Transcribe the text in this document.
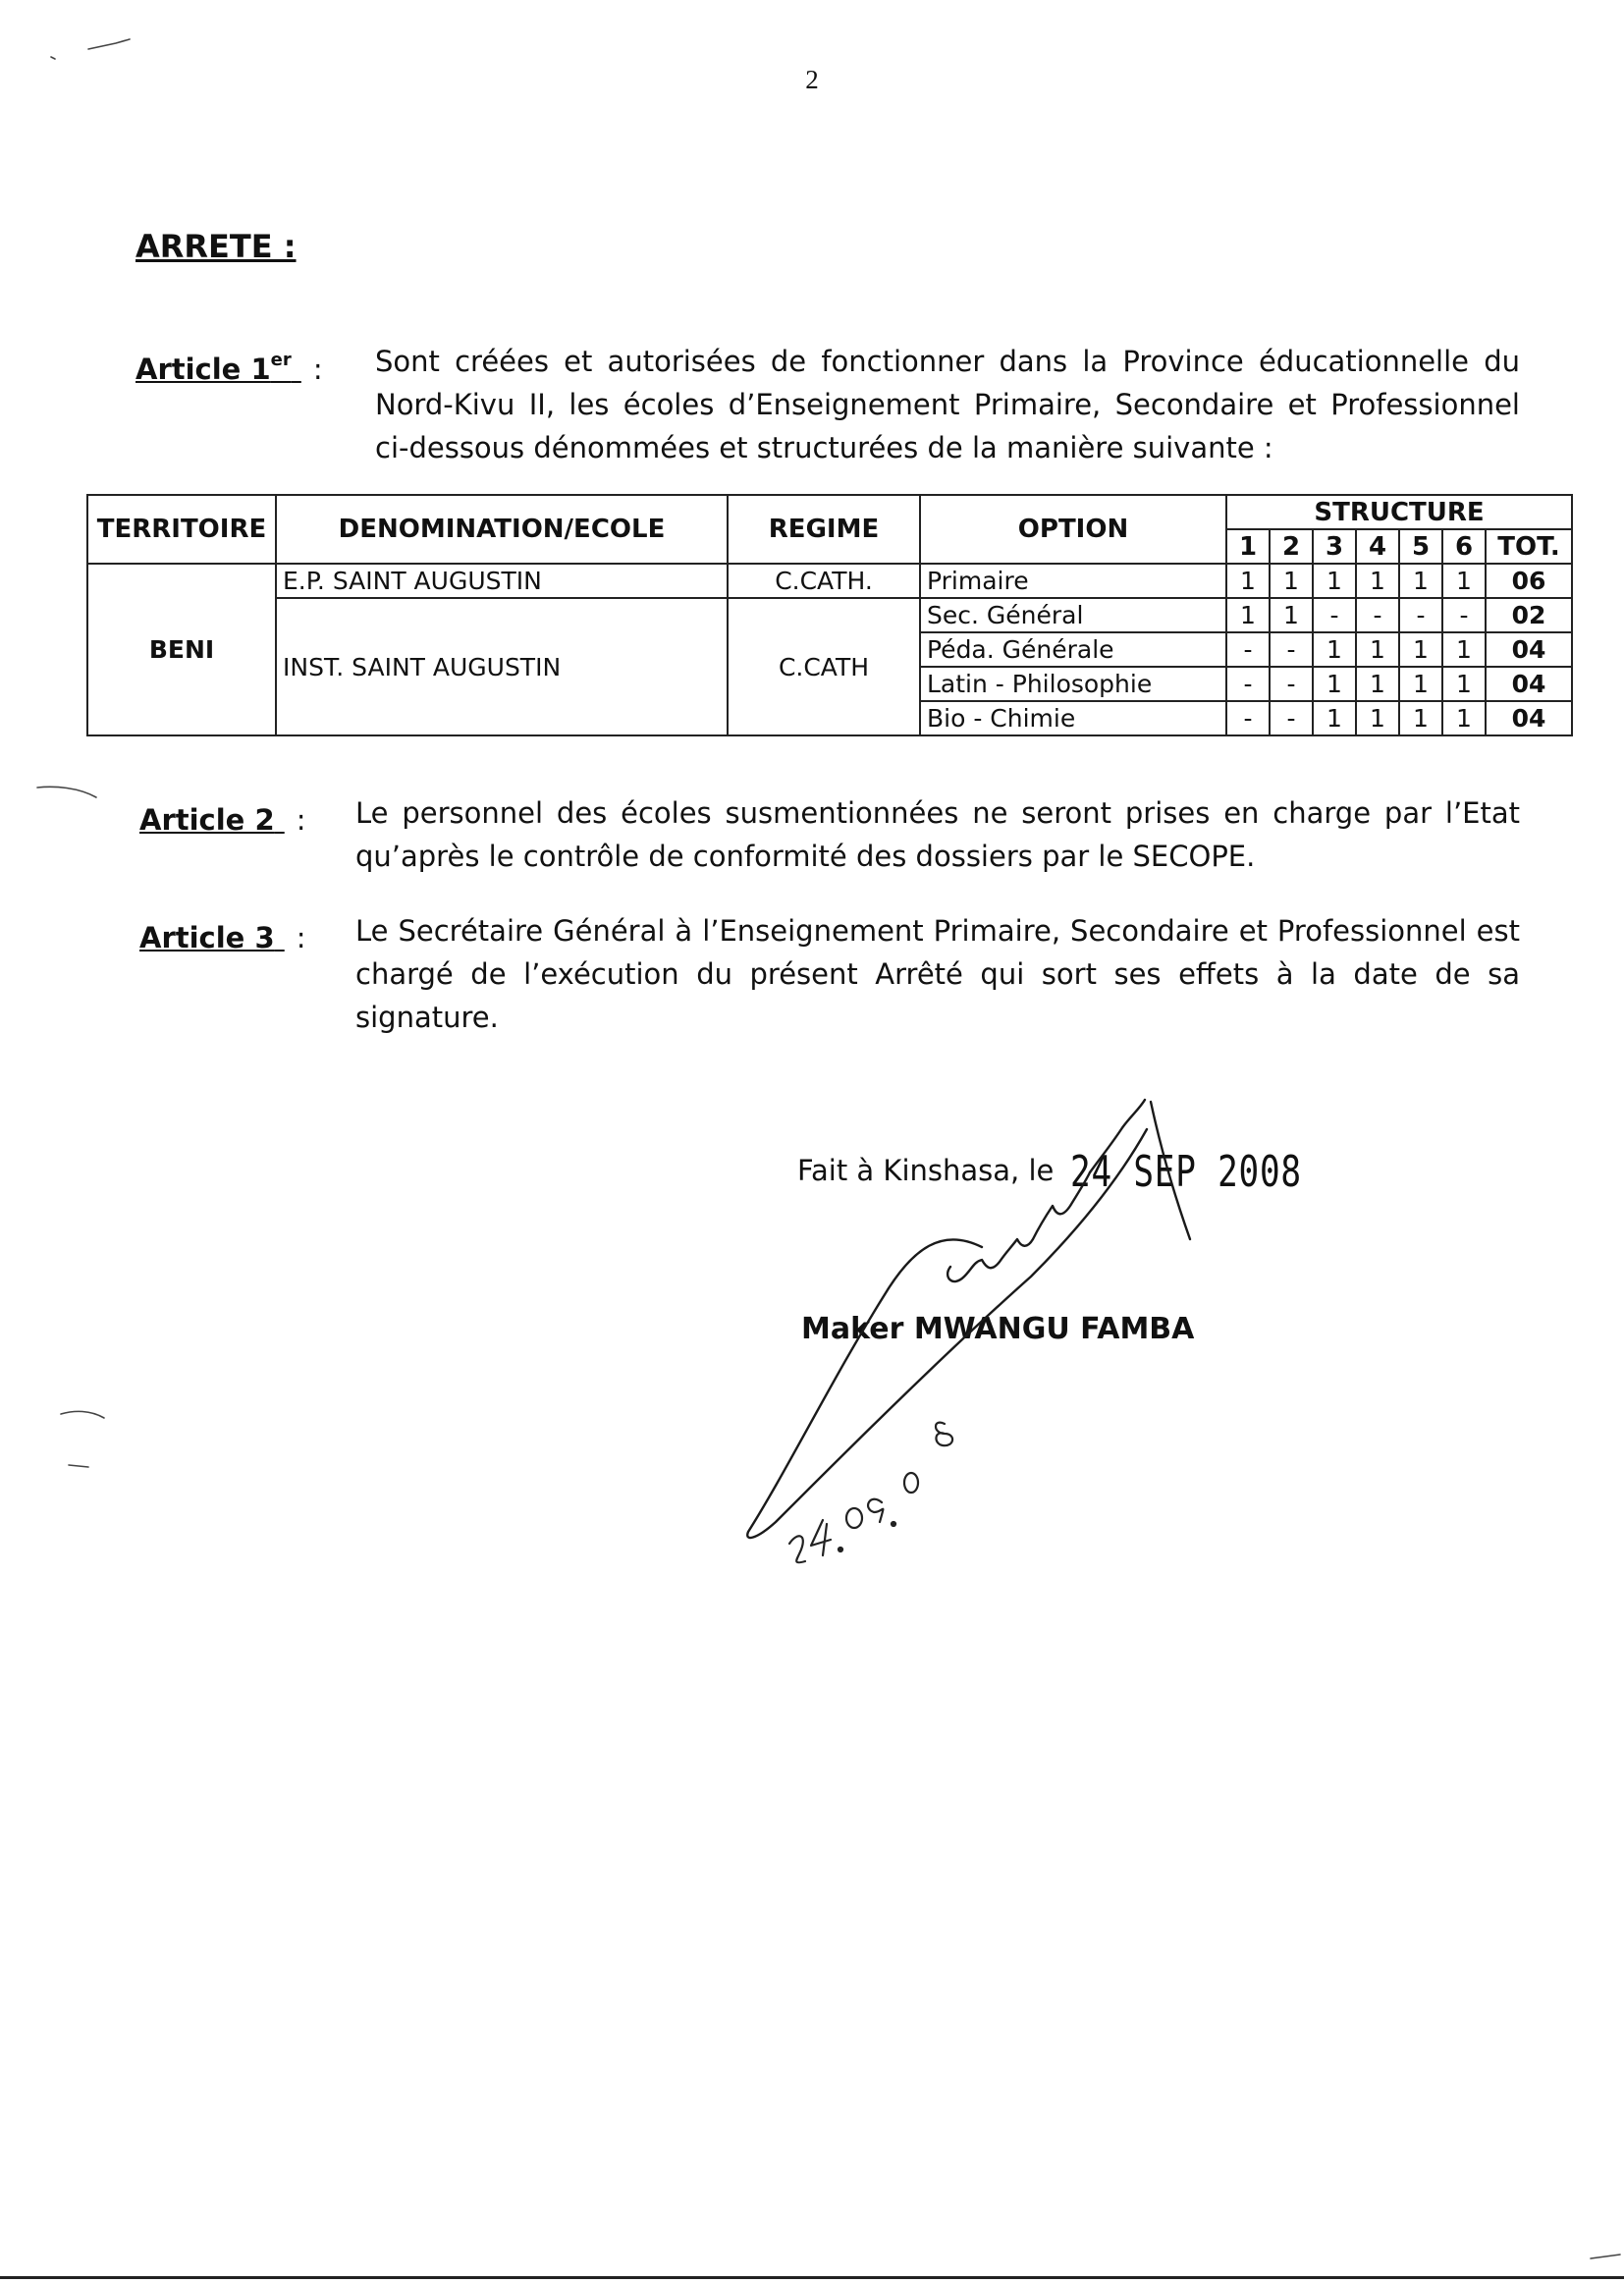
2
ARRETE :
Article 1er : Sont créées et autorisées de fonctionner dans la Province éducationnelle du Nord-Kivu II, les écoles d’Enseignement Primaire, Secondaire et Professionnel ci-dessous dénommées et structurées de la manière suivante :
TERRITOIRE	DENOMINATION/ECOLE	REGIME	OPTION	STRUCTURE						
				1	2	3	4	5	6	TOT.
BENI	E.P. SAINT AUGUSTIN	C.CATH.	Primaire	1	1	1	1	1	1	06
	INST. SAINT AUGUSTIN	C.CATH	Sec. Général	1	1	-	-	-	-	02
			Péda. Générale	-	-	1	1	1	1	04
			Latin - Philosophie	-	-	1	1	1	1	04
			Bio - Chimie	-	-	1	1	1	1	04
Article 2 : Le personnel des écoles susmentionnées ne seront prises en charge par l’Etat qu’après le contrôle de conformité des dossiers par le SECOPE.
Article 3 : Le Secrétaire Général à l’Enseignement Primaire, Secondaire et Professionnel est chargé de l’exécution du présent Arrêté qui sort ses effets à la date de sa signature.
Fait à Kinshasa, le 24 SEP 2008
Maker MWANGU FAMBA
